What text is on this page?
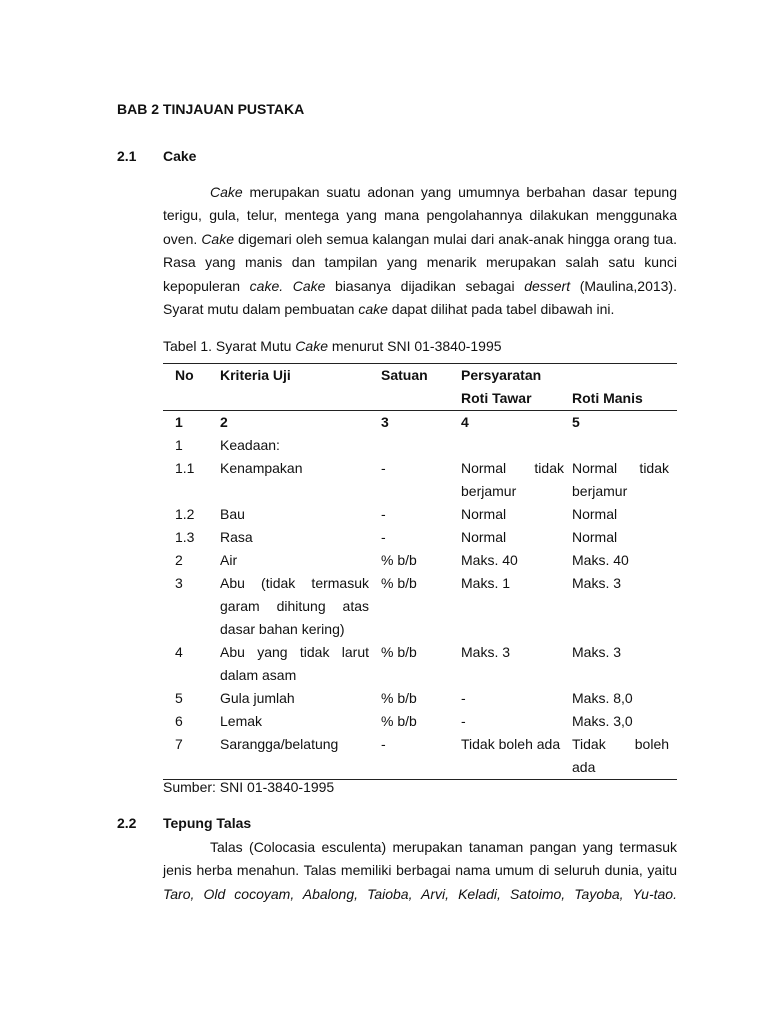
BAB 2 TINJAUAN PUSTAKA
2.1 Cake
Cake merupakan suatu adonan yang umumnya berbahan dasar tepung
terigu, gula, telur, mentega yang mana pengolahannya dilakukan menggunaka
oven. Cake digemari oleh semua kalangan mulai dari anak-anak hingga orang tua.
Rasa yang manis dan tampilan yang menarik merupakan salah satu kunci
kepopuleran cake. Cake biasanya dijadikan sebagai dessert (Maulina,2013).
Syarat mutu dalam pembuatan cake dapat dilihat pada tabel dibawah ini.
Tabel 1. Syarat Mutu Cake menurut SNI 01-3840-1995
No	Kriteria Uji	Satuan	Persyaratan	
			Roti Tawar	Roti Manis
1	2	3	4	5
1	Keadaan:			
1.1	Kenampakan	-	Normal tidak berjamur	Normal tidak berjamur
1.2	Bau	-	Normal	Normal
1.3	Rasa	-	Normal	Normal
2	Air	% b/b	Maks. 40	Maks. 40
3	Abu (tidak termasuk garam dihitung atas dasar bahan kering)	% b/b	Maks. 1	Maks. 3
4	Abu yang tidak larut dalam asam	% b/b	Maks. 3	Maks. 3
5	Gula jumlah	% b/b	-	Maks. 8,0
6	Lemak	% b/b	-	Maks. 3,0
7	Sarangga/belatung	-	Tidak boleh ada	Tidak boleh ada
Sumber: SNI 01-3840-1995
2.2 Tepung Talas
Talas (Colocasia esculenta) merupakan tanaman pangan yang termasuk
jenis herba menahun. Talas memiliki berbagai nama umum di seluruh dunia, yaitu
Taro, Old cocoyam, Abalong, Taioba, Arvi, Keladi, Satoimo, Tayoba, Yu-tao.
